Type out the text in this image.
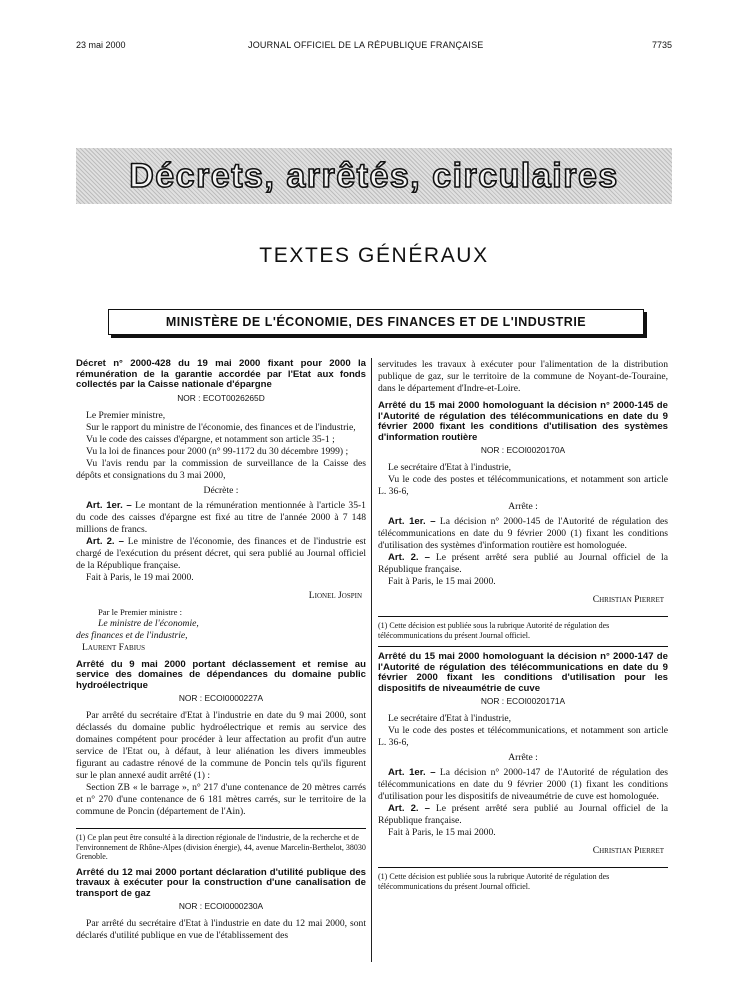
23 mai 2000	JOURNAL OFFICIEL DE LA RÉPUBLIQUE FRANÇAISE	7735
Décrets, arrêtés, circulaires
TEXTES GÉNÉRAUX
MINISTÈRE DE L'ÉCONOMIE, DES FINANCES ET DE L'INDUSTRIE

Décret n° 2000-428 du 19 mai 2000 fixant pour 2000 la rémunération de la garantie accordée par l'Etat aux fonds collectés par la Caisse nationale d'épargne

NOR : ECOT0026265D

Le Premier ministre,

Sur le rapport du ministre de l'économie, des finances et de l'industrie,

Vu le code des caisses d'épargne, et notamment son article 35-1 ;

Vu la loi de finances pour 2000 (n° 99-1172 du 30 décembre 1999) ;

Vu l'avis rendu par la commission de surveillance de la Caisse des dépôts et consignations du 3 mai 2000,

Décrète :

Art. 1er. – Le montant de la rémunération mentionnée à l'article 35-1 du code des caisses d'épargne est fixé au titre de l'année 2000 à 7 148 millions de francs.

Art. 2. – Le ministre de l'économie, des finances et de l'industrie est chargé de l'exécution du présent décret, qui sera publié au Journal officiel de la République française.

Fait à Paris, le 19 mai 2000.

Lionel Jospin

Par le Premier ministre :

Le ministre de l'économie,

des finances et de l'industrie,

Laurent Fabius

Arrêté du 9 mai 2000 portant déclassement et remise au service des domaines de dépendances du domaine public hydroélectrique

NOR : ECOI0000227A

Par arrêté du secrétaire d'Etat à l'industrie en date du 9 mai 2000, sont déclassés du domaine public hydroélectrique et remis au service des domaines compétent pour procéder à leur affectation au profit d'un autre service de l'Etat ou, à défaut, à leur aliénation les divers immeubles figurant au cadastre rénové de la commune de Poncin tels qu'ils figurent sur le plan annexé audit arrêté (1) :

Section ZB « le barrage », n° 217 d'une contenance de 20 mètres carrés et n° 270 d'une contenance de 6 181 mètres carrés, sur le territoire de la commune de Poncin (département de l'Ain).

(1) Ce plan peut être consulté à la direction régionale de l'industrie, de la recherche et de l'environnement de Rhône-Alpes (division énergie), 44, avenue Marcelin-Berthelot, 38030 Grenoble.

Arrêté du 12 mai 2000 portant déclaration d'utilité publique des travaux à exécuter pour la construction d'une canalisation de transport de gaz

NOR : ECOI0000230A

Par arrêté du secrétaire d'Etat à l'industrie en date du 12 mai 2000, sont déclarés d'utilité publique en vue de l'établissement des

servitudes les travaux à exécuter pour l'alimentation de la distribution publique de gaz, sur le territoire de la commune de Noyant-de-Touraine, dans le département d'Indre-et-Loire.

Arrêté du 15 mai 2000 homologuant la décision n° 2000-145 de l'Autorité de régulation des télécommunications en date du 9 février 2000 fixant les conditions d'utilisation des systèmes d'information routière

NOR : ECOI0020170A

Le secrétaire d'Etat à l'industrie,

Vu le code des postes et télécommunications, et notamment son article L. 36-6,

Arrête :

Art. 1er. – La décision n° 2000-145 de l'Autorité de régulation des télécommunications en date du 9 février 2000 (1) fixant les conditions d'utilisation des systèmes d'information routière est homologuée.

Art. 2. – Le présent arrêté sera publié au Journal officiel de la République française.

Fait à Paris, le 15 mai 2000.

Christian Pierret

(1) Cette décision est publiée sous la rubrique Autorité de régulation des télécommunications du présent Journal officiel.

Arrêté du 15 mai 2000 homologuant la décision n° 2000-147 de l'Autorité de régulation des télécommunications en date du 9 février 2000 fixant les conditions d'utilisation pour les dispositifs de niveaumétrie de cuve

NOR : ECOI0020171A

Le secrétaire d'Etat à l'industrie,

Vu le code des postes et télécommunications, et notamment son article L. 36-6,

Arrête :

Art. 1er. – La décision n° 2000-147 de l'Autorité de régulation des télécommunications en date du 9 février 2000 (1) fixant les conditions d'utilisation pour les dispositifs de niveaumétrie de cuve est homologuée.

Art. 2. – Le présent arrêté sera publié au Journal officiel de la République française.

Fait à Paris, le 15 mai 2000.

Christian Pierret

(1) Cette décision est publiée sous la rubrique Autorité de régulation des télécommunications du présent Journal officiel.
